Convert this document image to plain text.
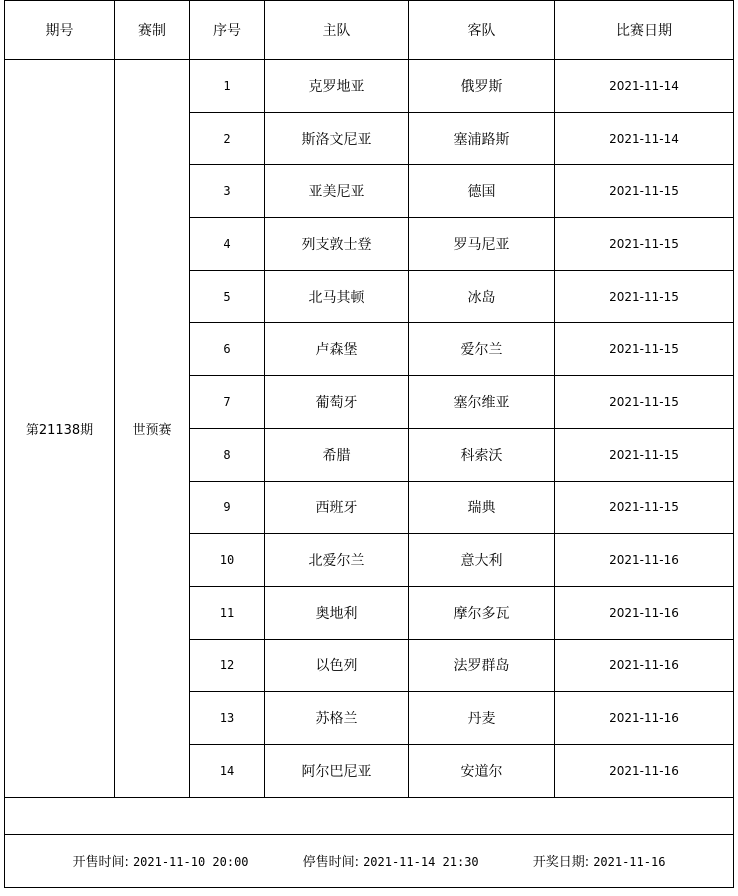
期号	赛制	序号	主队	客队	比赛日期
第21138期	世预赛	1	克罗地亚	俄罗斯	2021-11-14
		2	斯洛文尼亚	塞浦路斯	2021-11-14
		3	亚美尼亚	德国	2021-11-15
		4	列支敦士登	罗马尼亚	2021-11-15
		5	北马其顿	冰岛	2021-11-15
		6	卢森堡	爱尔兰	2021-11-15
		7	葡萄牙	塞尔维亚	2021-11-15
		8	希腊	科索沃	2021-11-15
		9	西班牙	瑞典	2021-11-15
		10	北爱尔兰	意大利	2021-11-16
		11	奥地利	摩尔多瓦	2021-11-16
		12	以色列	法罗群岛	2021-11-16
		13	苏格兰	丹麦	2021-11-16
		14	阿尔巴尼亚	安道尔	2021-11-16

开售时间: 2021-11-10 20:00 停售时间: 2021-11-14 21:30 开奖日期: 2021-11-16					
